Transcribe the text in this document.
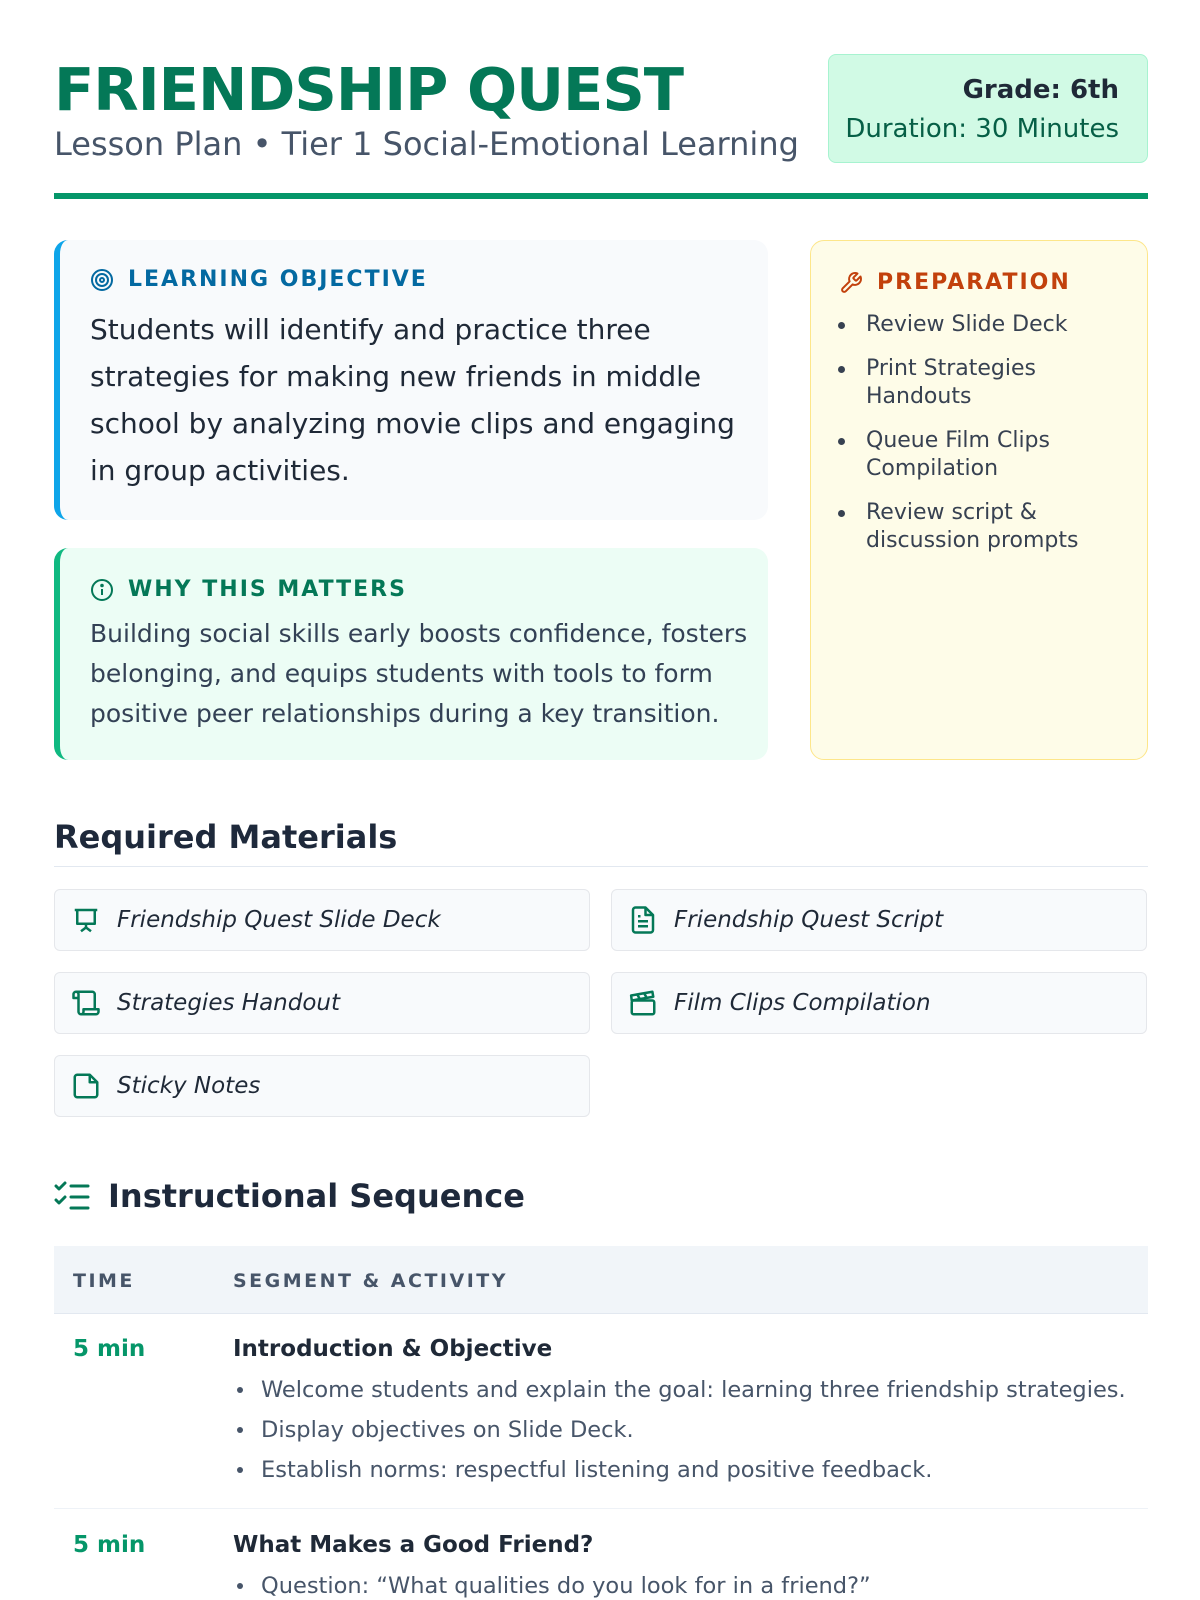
FRIENDSHIP QUEST
Lesson Plan • Tier 1 Social-Emotional Learning
Grade: 6th
Duration: 30 Minutes
LEARNING OBJECTIVE
Students will identify and practice three strategies for making new friends in middle school by analyzing movie clips and engaging in group activities.
WHY THIS MATTERS
Building social skills early boosts confidence, fosters belonging, and equips students with tools to form positive peer relationships during a key transition.
PREPARATION
Review Slide Deck
Print Strategies Handouts
Queue Film Clips Compilation
Review script & discussion prompts
Required Materials
Friendship Quest Slide Deck	Friendship Quest Script
Strategies Handout	Film Clips Compilation
Sticky Notes
Instructional Sequence
TIME	SEGMENT & ACTIVITY
5 min	Introduction & Objective
Welcome students and explain the goal: learning three friendship strategies.
Display objectives on Slide Deck.
Establish norms: respectful listening and positive feedback.
5 min	What Makes a Good Friend?
Question: “What qualities do you look for in a friend?”
